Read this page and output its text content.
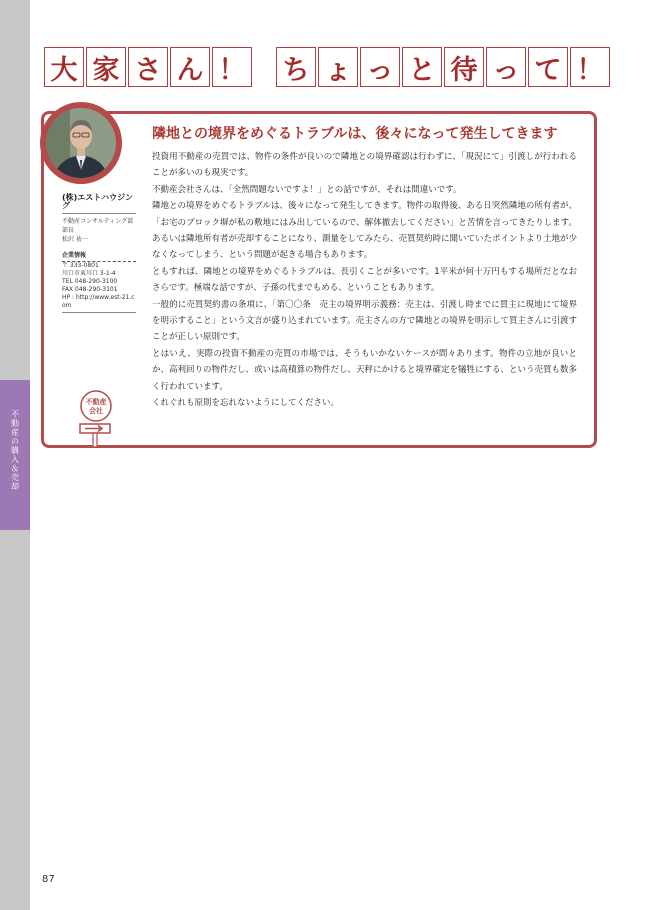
不動産の購入＆売却
大 家 さ ん ！ ち ょ っ と 待 っ て ！
(株)エストハウジング
不動産コンサルティング部
部長
松沢 祐一
企業情報
〒 333-0801
川口市東川口 3-1-4
TEL 048-290-3100
FAX 048-290-3101
HP : http://www.est-21.com
不動産
会社
隣地との境界をめぐるトラブルは、後々になって発生してきます

投資用不動産の売買では、物件の条件が良いので隣地との境界確認は行わずに、「現況にて」引渡しが行われることが多いのも現実です。

不動産会社さんは、「全然問題ないですよ！」との話ですが、それは間違いです。

隣地との境界をめぐるトラブルは、後々になって発生してきます。物件の取得後、ある日突然隣地の所有者が、「お宅のブロック塀が私の敷地にはみ出しているので、解体撤去してください」と苦情を言ってきたりします。あるいは隣地所有者が売却することになり、測量をしてみたら、売買契約時に聞いていたポイントより土地が少なくなってしまう、という問題が起きる場合もあります。

ともすれば、隣地との境界をめぐるトラブルは、長引くことが多いです。1平米が何十万円もする場所だとなおさらです。極端な話ですが、子孫の代までもめる、ということもあります。

一般的に売買契約書の条項に、「第〇〇条　売主の境界明示義務：売主は、引渡し時までに買主に現地にて境界を明示すること」という文言が盛り込まれています。売主さんの方で隣地との境界を明示して買主さんに引渡すことが正しい原則です。

とはいえ、実際の投資不動産の売買の市場では、そうもいかないケースが間々あります。物件の立地が良いとか、高利回りの物件だし、或いは高積算の物件だし、天秤にかけると境界確定を犠牲にする、という売買も数多く行われています。

くれぐれも原則を忘れないようにしてください。

87
